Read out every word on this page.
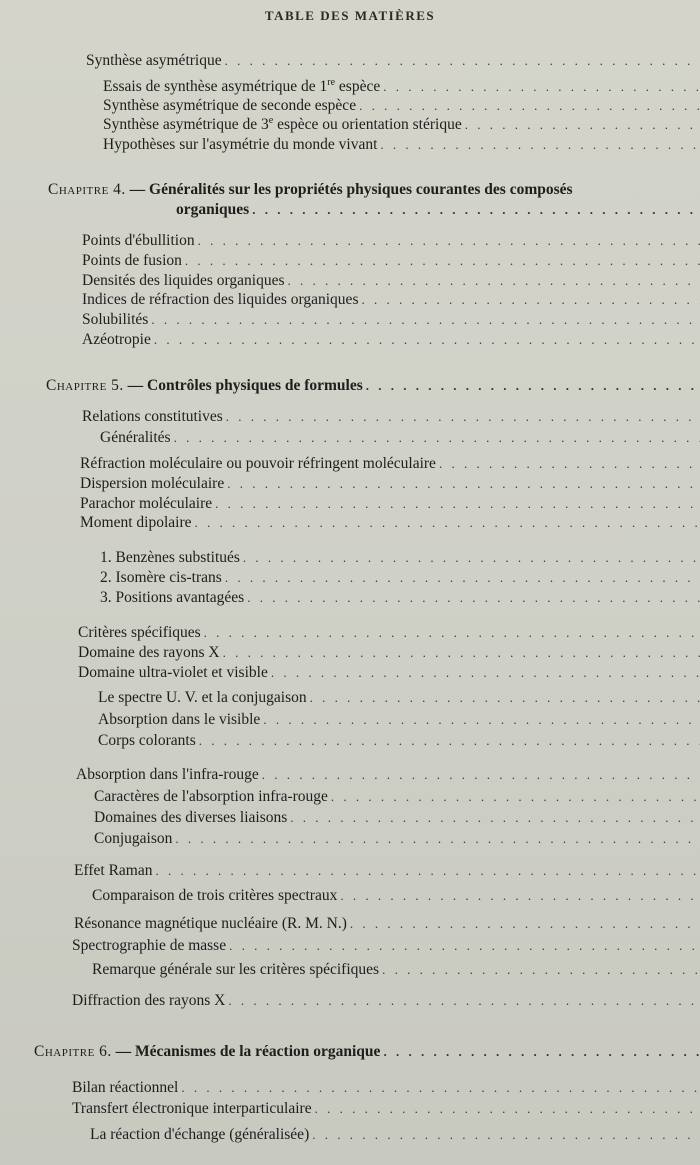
TABLE DES MATIÈRES
Synthèse asymétrique
. . .
Essais de synthèse asymétrique de 1re espèce
. . .
Synthèse asymétrique de seconde espèce
. . .
Synthèse asymétrique de 3e espèce ou orientation stérique
. . .
Hypothèses sur l'asymétrie du monde vivant
. . .
Chapitre 4. — Généralités sur les propriétés physiques courantes des composés
organiques
. . .
Points d'ébullition
. . .
Points de fusion
. . .
Densités des liquides organiques
. . .
Indices de réfraction des liquides organiques
. . .
Solubilités
. . .
Azéotropie
. . .
Chapitre 5. — Contrôles physiques de formules
. . .
Relations constitutives
. . .
Généralités
. . .
Réfraction moléculaire ou pouvoir réfringent moléculaire
. . .
Dispersion moléculaire
. . .
Parachor moléculaire
. . .
Moment dipolaire
. . .
1. Benzènes substitués
. . .
2. Isomère cis-trans
. . .
3. Positions avantagées
. . .
Critères spécifiques
. . .
Domaine des rayons X
. . .
Domaine ultra-violet et visible
. . .
Le spectre U. V. et la conjugaison
. . .
Absorption dans le visible
. . .
Corps colorants
. . .
Absorption dans l'infra-rouge
. . .
Caractères de l'absorption infra-rouge
. . .
Domaines des diverses liaisons
. . .
Conjugaison
. . .
Effet Raman
. . .
Comparaison de trois critères spectraux
. . .
Résonance magnétique nucléaire (R. M. N.)
. . .
Spectrographie de masse
. . .
Remarque générale sur les critères spécifiques
. . .
Diffraction des rayons X
. . .
Chapitre 6. — Mécanismes de la réaction organique
. . .
Bilan réactionnel
. . .
Transfert électronique interparticulaire
. . .
La réaction d'échange (généralisée)
. . .
